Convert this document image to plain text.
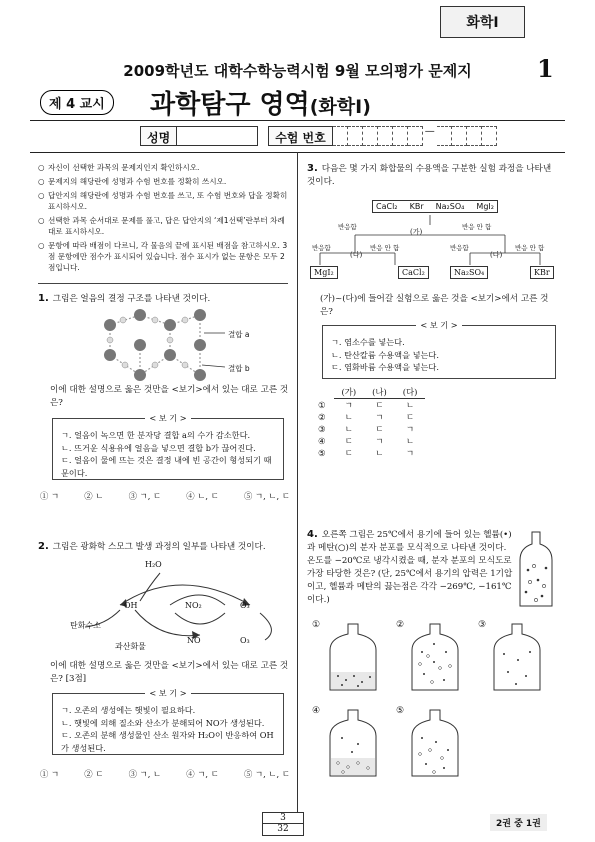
화학Ⅰ
2009학년도 대학수학능력시험 9월 모의평가 문제지	1
제 4 교시	과학탐구 영역(화학Ⅰ)
성명	수험 번호	—
○ 자신이 선택한 과목의 문제지인지 확인하시오.
○ 문제지의 해당란에 성명과 수험 번호를 정확히 쓰시오.
○ 답안지의 해당란에 성명과 수험 번호를 쓰고, 또 수험 번호와 답을 정확히 표시하시오.
○ 선택한 과목 순서대로 문제를 풀고, 답은 답안지의 ‘제1선택’란부터 차례대로 표시하시오.
○ 문항에 따라 배점이 다르니, 각 물음의 끝에 표시된 배점을 참고하시오. 3점 문항에만 점수가 표시되어 있습니다. 점수 표시가 없는 문항은 모두 2점입니다.
1. 그림은 얼음의 결정 구조를 나타낸 것이다.
결합 a
결합 b
이에 대한 설명으로 옳은 것만을 <보기>에서 있는 대로 고른 것은?
< 보 기 >
ㄱ. 얼음이 녹으면 한 분자당 결합 a의 수가 감소한다.
ㄴ. 뜨거운 식용유에 얼음을 넣으면 결합 b가 끊어진다.
ㄷ. 얼음이 물에 뜨는 것은 결정 내에 빈 공간이 형성되기 때문이다.
① ㄱ	② ㄴ	③ ㄱ, ㄷ	④ ㄴ, ㄷ	⑤ ㄱ, ㄴ, ㄷ
2. 그림은 광화학 스모그 발생 과정의 일부를 나타낸 것이다.
H₂O
OH	NO₂	O₃
탄화수소
NO	O₃
과산화물
이에 대한 설명으로 옳은 것만을 <보기>에서 있는 대로 고른 것은? [3점]
< 보 기 >
ㄱ. 오존의 생성에는 햇빛이 필요하다.
ㄴ. 햇빛에 의해 질소와 산소가 분해되어 NO가 생성된다.
ㄷ. 오존의 분해 생성물인 산소 원자와 H₂O이 반응하여 OH가 생성된다.
① ㄱ	② ㄷ	③ ㄱ, ㄴ	④ ㄱ, ㄷ	⑤ ㄱ, ㄴ, ㄷ
3. 다음은 몇 가지 화합물의 수용액을 구분한 실험 과정을 나타낸 것이다.
CaCl₂ KBr Na₂SO₄ MgI₂
(가)
반응함	반응 안 함
(나)
반응함	반응 안 함
(다)
반응함	반응 안 함
MgI₂	CaCl₂	Na₂SO₄	KBr
(가)~(다)에 들어갈 실험으로 옳은 것을 <보기>에서 고른 것은?
< 보 기 >
ㄱ. 염소수를 넣는다.
ㄴ. 탄산칼륨 수용액을 넣는다.
ㄷ. 염화바륨 수용액을 넣는다.
	(가)	(나)	(다)
①	ㄱ	ㄷ	ㄴ
②	ㄴ	ㄱ	ㄷ
③	ㄴ	ㄷ	ㄱ
④	ㄷ	ㄱ	ㄴ
⑤	ㄷ	ㄴ	ㄱ
4. 오른쪽 그림은 25℃에서 용기에 들어 있는 헬륨(•)과 메탄(○)의 분자 분포를 모식적으로 나타낸 것이다. 온도를 −20℃로 냉각시켰을 때, 분자 분포의 모식도로 가장 타당한 것은? (단, 25℃에서 용기의 압력은 1기압이고, 헬륨과 메탄의 끓는점은 각각 −269℃, −161℃이다.)
①	②	③
④	⑤
3
32	2권 중 1권
